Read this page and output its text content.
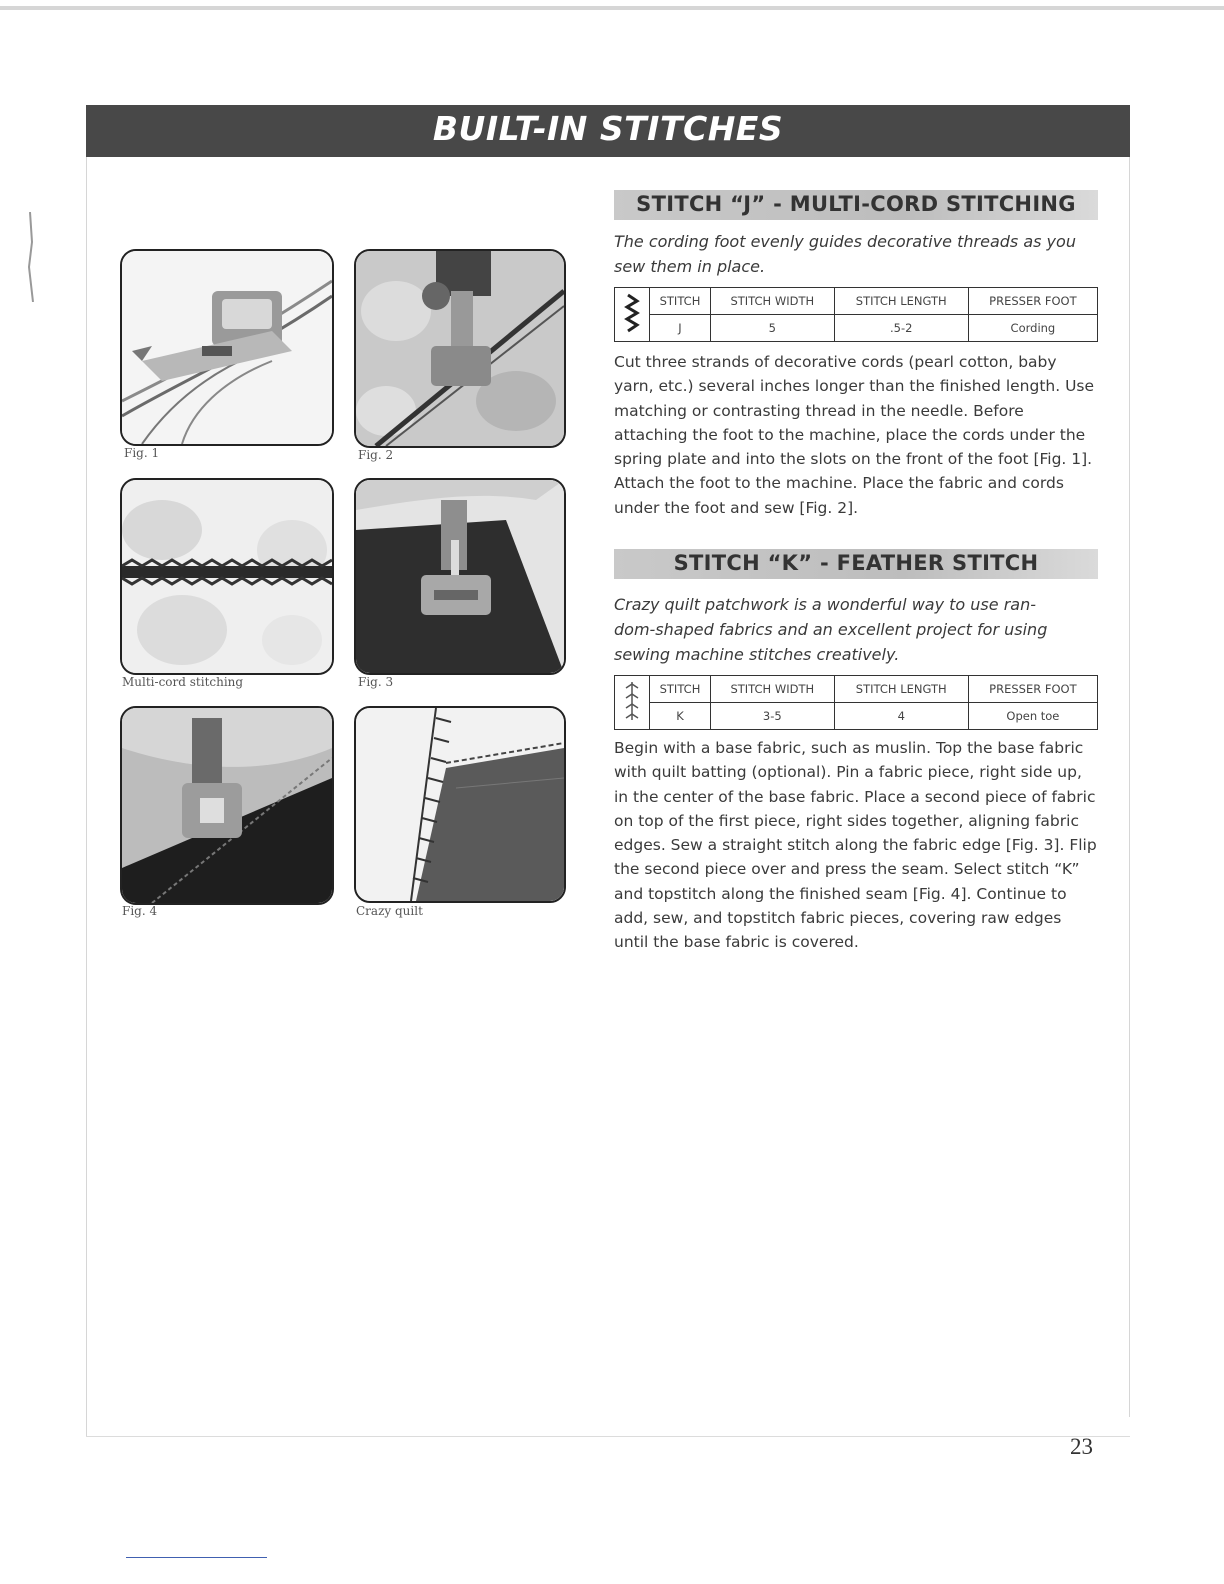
BUILT-IN STITCHES
Fig. 1	Fig. 2
Multi-cord stitching	Fig. 3
Fig. 4	Crazy quilt
STITCH “J” - MULTI-CORD STITCHING
The cording foot evenly guides decorative threads as you sew them in place.
	STITCH	STITCH WIDTH	STITCH LENGTH	PRESSER FOOT
	J	5	.5-2	Cording
Cut three strands of decorative cords (pearl cotton, baby yarn, etc.) several inches longer than the finished length. Use matching or contrasting thread in the needle. Before attaching the foot to the machine, place the cords under the spring plate and into the slots on the front of the foot [Fig. 1]. Attach the foot to the machine. Place the fabric and cords under the foot and sew [Fig. 2].
STITCH “K” - FEATHER STITCH
Crazy quilt patchwork is a wonderful way to use ran- dom-shaped fabrics and an excellent project for using sewing machine stitches creatively.
	STITCH	STITCH WIDTH	STITCH LENGTH	PRESSER FOOT
	K	3-5	4	Open toe
Begin with a base fabric, such as muslin. Top the base fabric with quilt batting (optional). Pin a fabric piece, right side up, in the center of the base fabric. Place a second piece of fabric on top of the first piece, right sides together, aligning fabric edges. Sew a straight stitch along the fabric edge [Fig. 3]. Flip the second piece over and press the seam. Select stitch “K” and topstitch along the finished seam [Fig. 4]. Continue to add, sew, and topstitch fabric pieces, covering raw edges until the base fabric is covered.
23
